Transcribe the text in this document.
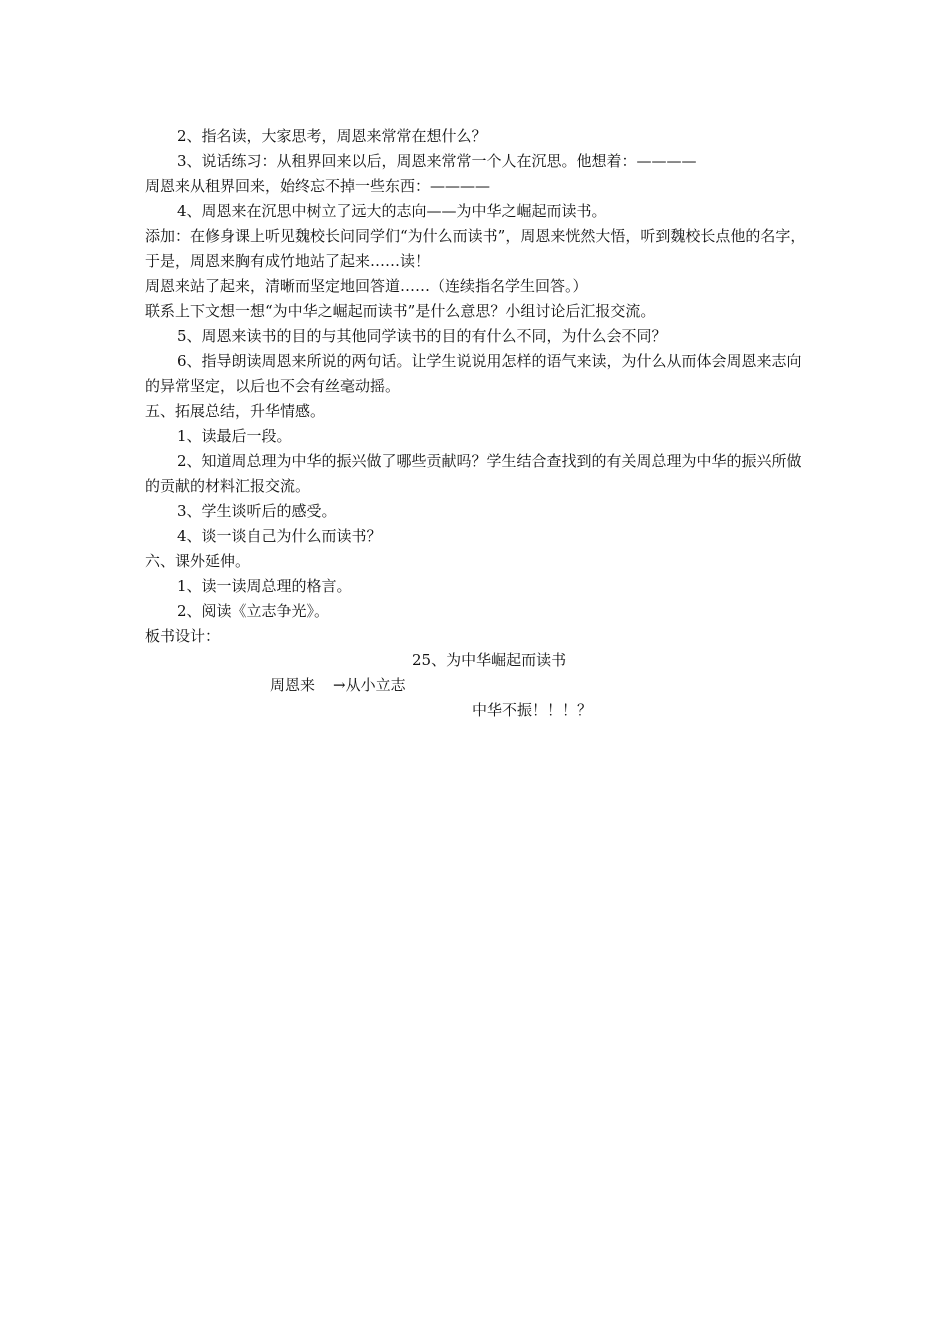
2、指名读，大家思考，周恩来常常在想什么？

3、说话练习：从租界回来以后，周恩来常常一个人在沉思。他想着：————

周恩来从租界回来，始终忘不掉一些东西：————

4、周恩来在沉思中树立了远大的志向——为中华之崛起而读书。

添加：在修身课上听见魏校长问同学们“为什么而读书”，周恩来恍然大悟，听到魏校长点他的名字，于是，周恩来胸有成竹地站了起来……读！

周恩来站了起来，清晰而坚定地回答道……（连续指名学生回答。）

联系上下文想一想“为中华之崛起而读书”是什么意思？小组讨论后汇报交流。

5、周恩来读书的目的与其他同学读书的目的有什么不同，为什么会不同？

6、指导朗读周恩来所说的两句话。让学生说说用怎样的语气来读，为什么从而体会周恩来志向的异常坚定，以后也不会有丝毫动摇。

五、拓展总结，升华情感。

1、读最后一段。

2、知道周总理为中华的振兴做了哪些贡献吗？学生结合查找到的有关周总理为中华的振兴所做的贡献的材料汇报交流。

3、学生谈听后的感受。

4、谈一谈自己为什么而读书？

六、课外延伸。

1、读一读周总理的格言。

2、阅读《立志争光》。

板书设计：

25、为中华崛起而读书
周恩来 →从小立志
中华不振！！！？
